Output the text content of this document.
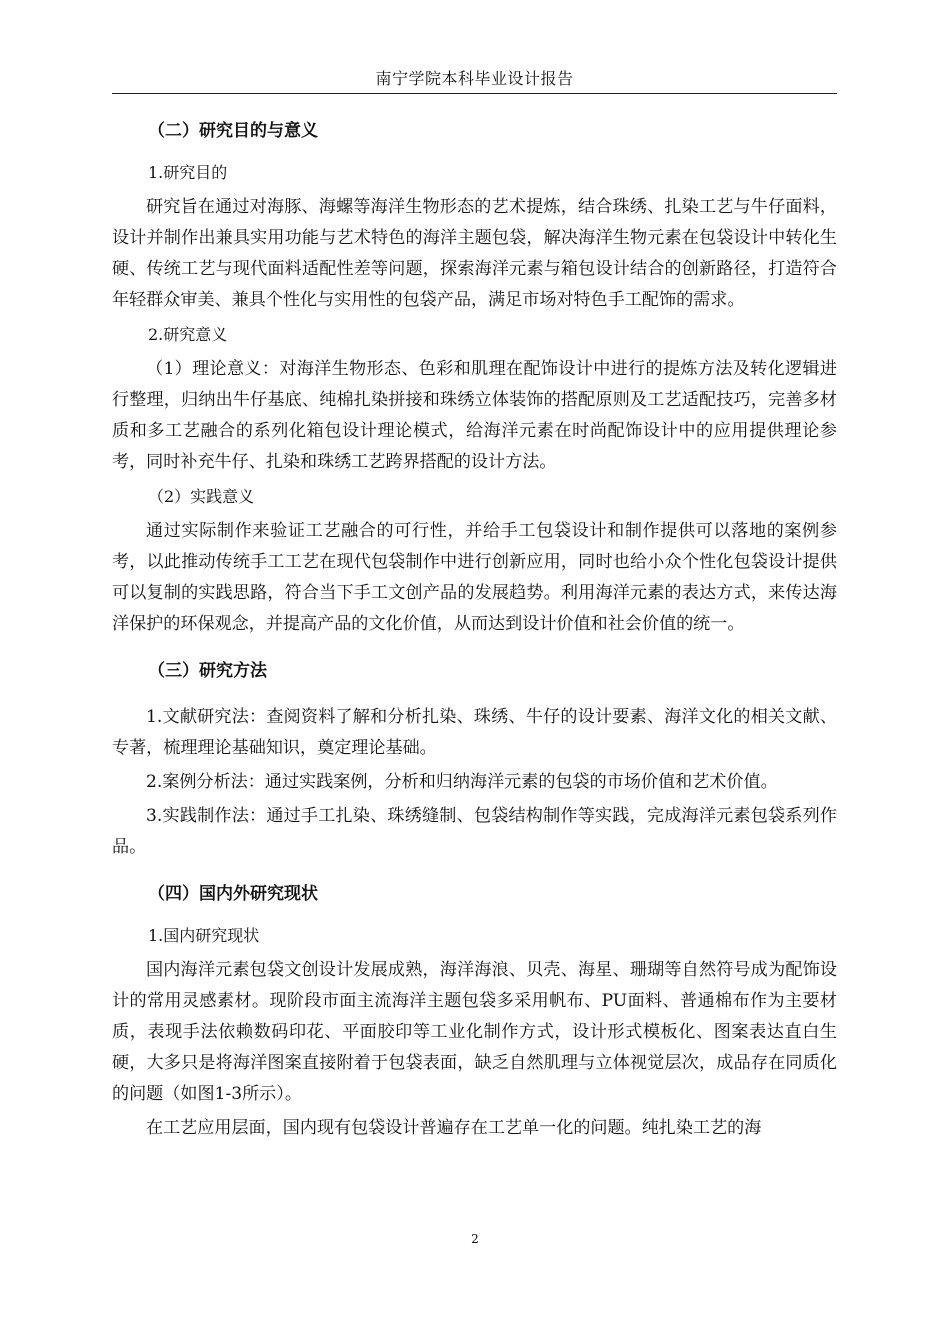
南宁学院本科毕业设计报告
（二）研究目的与意义
1.研究目的

研究旨在通过对海豚、海螺等海洋生物形态的艺术提炼，结合珠绣、扎染工艺与牛仔面料，设计并制作出兼具实用功能与艺术特色的海洋主题包袋，解决海洋生物元素在包袋设计中转化生硬、传统工艺与现代面料适配性差等问题，探索海洋元素与箱包设计结合的创新路径，打造符合年轻群众审美、兼具个性化与实用性的包袋产品，满足市场对特色手工配饰的需求。

2.研究意义

（1）理论意义：对海洋生物形态、色彩和肌理在配饰设计中进行的提炼方法及转化逻辑进行整理，归纳出牛仔基底、纯棉扎染拼接和珠绣立体装饰的搭配原则及工艺适配技巧，完善多材质和多工艺融合的系列化箱包设计理论模式，给海洋元素在时尚配饰设计中的应用提供理论参考，同时补充牛仔、扎染和珠绣工艺跨界搭配的设计方法。

（2）实践意义

通过实际制作来验证工艺融合的可行性，并给手工包袋设计和制作提供可以落地的案例参考，以此推动传统手工工艺在现代包袋制作中进行创新应用，同时也给小众个性化包袋设计提供可以复制的实践思路，符合当下手工文创产品的发展趋势。利用海洋元素的表达方式，来传达海洋保护的环保观念，并提高产品的文化价值，从而达到设计价值和社会价值的统一。

（三）研究方法

1.文献研究法：查阅资料了解和分析扎染、珠绣、牛仔的设计要素、海洋文化的相关文献、专著，梳理理论基础知识，奠定理论基础。

2.案例分析法：通过实践案例，分析和归纳海洋元素的包袋的市场价值和艺术价值。

3.实践制作法：通过手工扎染、珠绣缝制、包袋结构制作等实践，完成海洋元素包袋系列作品。

（四）国内外研究现状
1.国内研究现状

国内海洋元素包袋文创设计发展成熟，海洋海浪、贝壳、海星、珊瑚等自然符号成为配饰设计的常用灵感素材。现阶段市面主流海洋主题包袋多采用帆布、PU面料、普通棉布作为主要材质，表现手法依赖数码印花、平面胶印等工业化制作方式，设计形式模板化、图案表达直白生硬，大多只是将海洋图案直接附着于包袋表面，缺乏自然肌理与立体视觉层次，成品存在同质化的问题（如图1-3所示）。

在工艺应用层面，国内现有包袋设计普遍存在工艺单一化的问题。纯扎染工艺的海

2
